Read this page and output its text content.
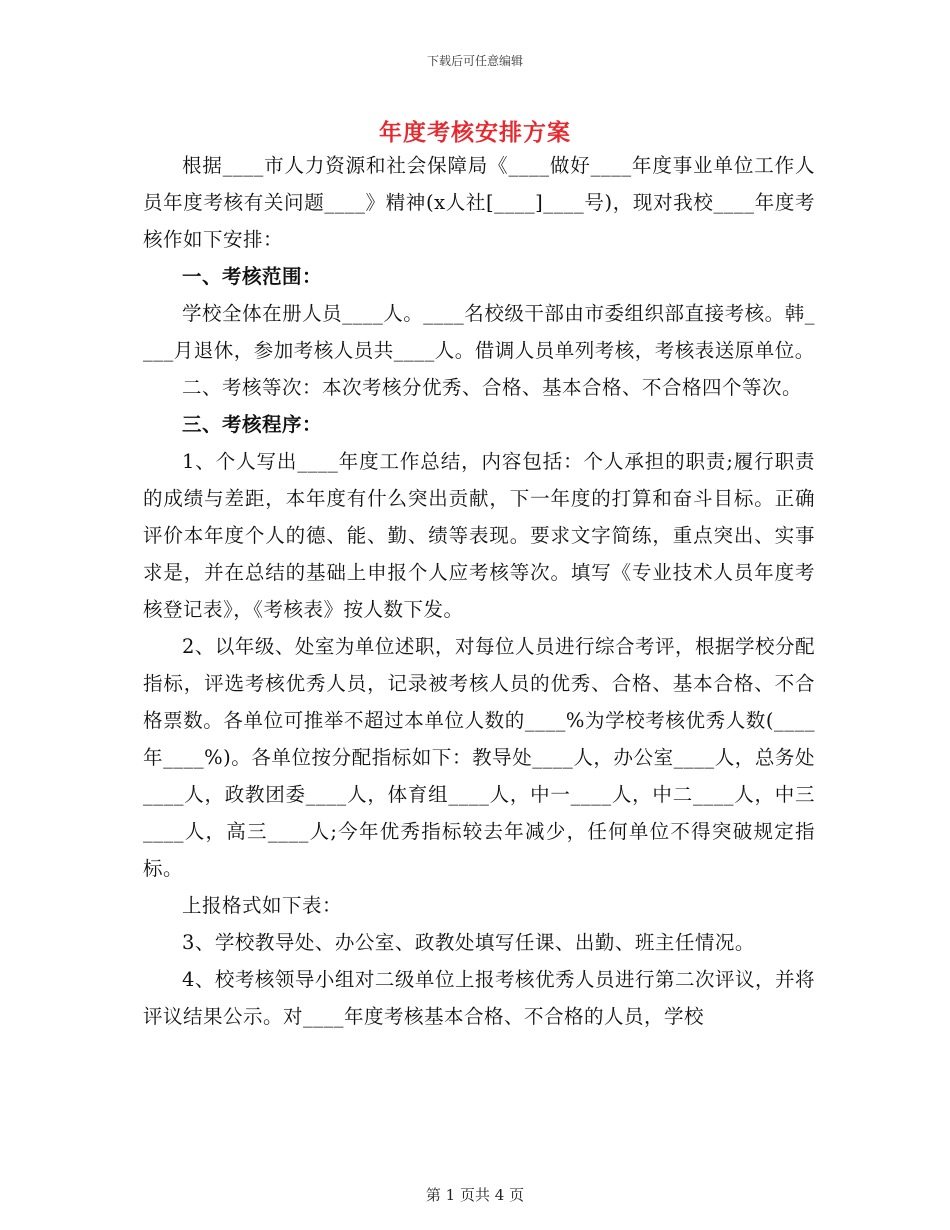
下载后可任意编辑
年度考核安排方案

根据____市人力资源和社会保障局《____做好____年度事业单位工作人员年度考核有关问题____》精神(x人社[____]____号)，现对我校____年度考核作如下安排：

一、考核范围：

学校全体在册人员____人。____名校级干部由市委组织部直接考核。韩____月退休，参加考核人员共____人。借调人员单列考核，考核表送原单位。

二、考核等次：本次考核分优秀、合格、基本合格、不合格四个等次。

三、考核程序：

1、个人写出____年度工作总结，内容包括：个人承担的职责;履行职责的成绩与差距，本年度有什么突出贡献，下一年度的打算和奋斗目标。正确评价本年度个人的德、能、勤、绩等表现。要求文字简练，重点突出、实事求是，并在总结的基础上申报个人应考核等次。填写《专业技术人员年度考核登记表》，《考核表》按人数下发。

2、以年级、处室为单位述职，对每位人员进行综合考评，根据学校分配指标，评选考核优秀人员，记录被考核人员的优秀、合格、基本合格、不合格票数。各单位可推举不超过本单位人数的____%为学校考核优秀人数(____年____%)。各单位按分配指标如下：教导处____人，办公室____人，总务处____人，政教团委____人，体育组____人，中一____人，中二____人，中三____人，高三____人;今年优秀指标较去年减少，任何单位不得突破规定指标。

上报格式如下表：

3、学校教导处、办公室、政教处填写任课、出勤、班主任情况。

4、校考核领导小组对二级单位上报考核优秀人员进行第二次评议，并将评议结果公示。对____年度考核基本合格、不合格的人员，学校

第 1 页共 4 页
